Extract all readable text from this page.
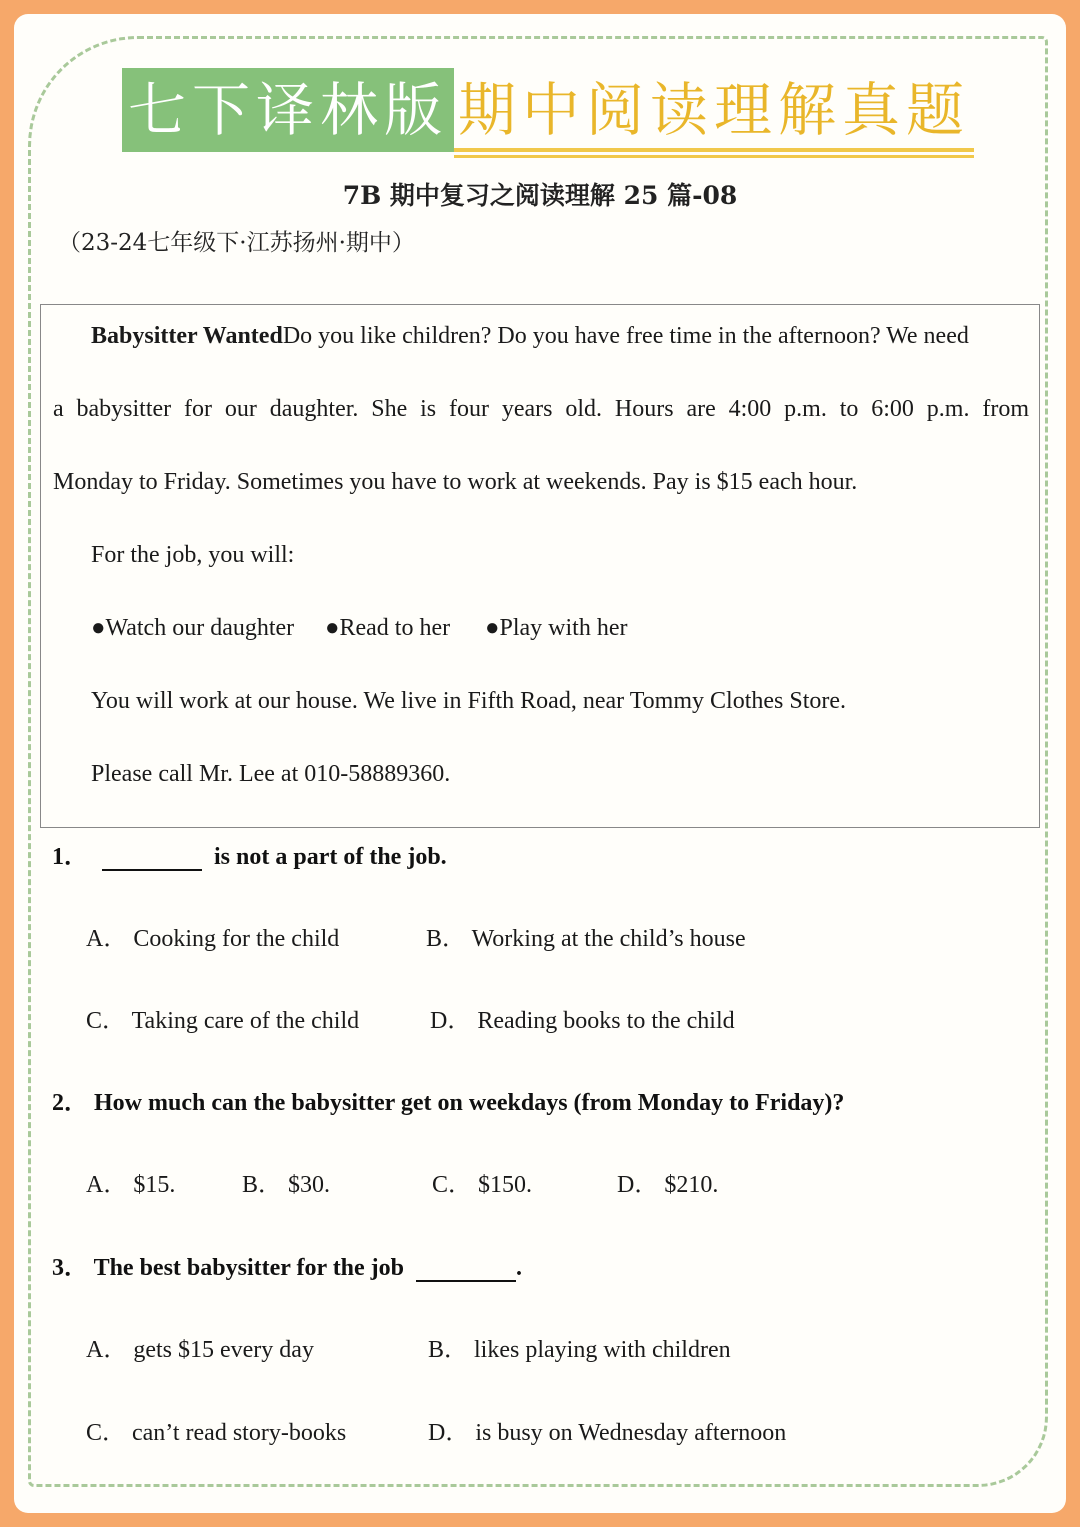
七下译林版 期中阅读理解真题
7B 期中复习之阅读理解 25 篇-08
（23-24七年级下·江苏扬州·期中）
Babysitter WantedDo you like children? Do you have free time in the afternoon? We need
a babysitter for our daughter. She is four years old. Hours are 4:00 p.m. to 6:00 p.m. from
Monday to Friday. Sometimes you have to work at weekends. Pay is $15 each hour.
For the job, you will:
●Watch our daughter ●Read to her ●Play with her
You will work at our house. We live in Fifth Road, near Tommy Clothes Store.
Please call Mr. Lee at 010-58889360.
1．	is not a part of the job.
A． Cooking for the child	B． Working at the child’s house
C． Taking care of the child	D． Reading books to the child
2． How much can the babysitter get on weekdays (from Monday to Friday)?
A． $15.	B． $30.	C． $150.	D． $210.
3． The best babysitter for the job	.
A． gets $15 every day	B． likes playing with children
C． can’t read story-books	D． is busy on Wednesday afternoon
